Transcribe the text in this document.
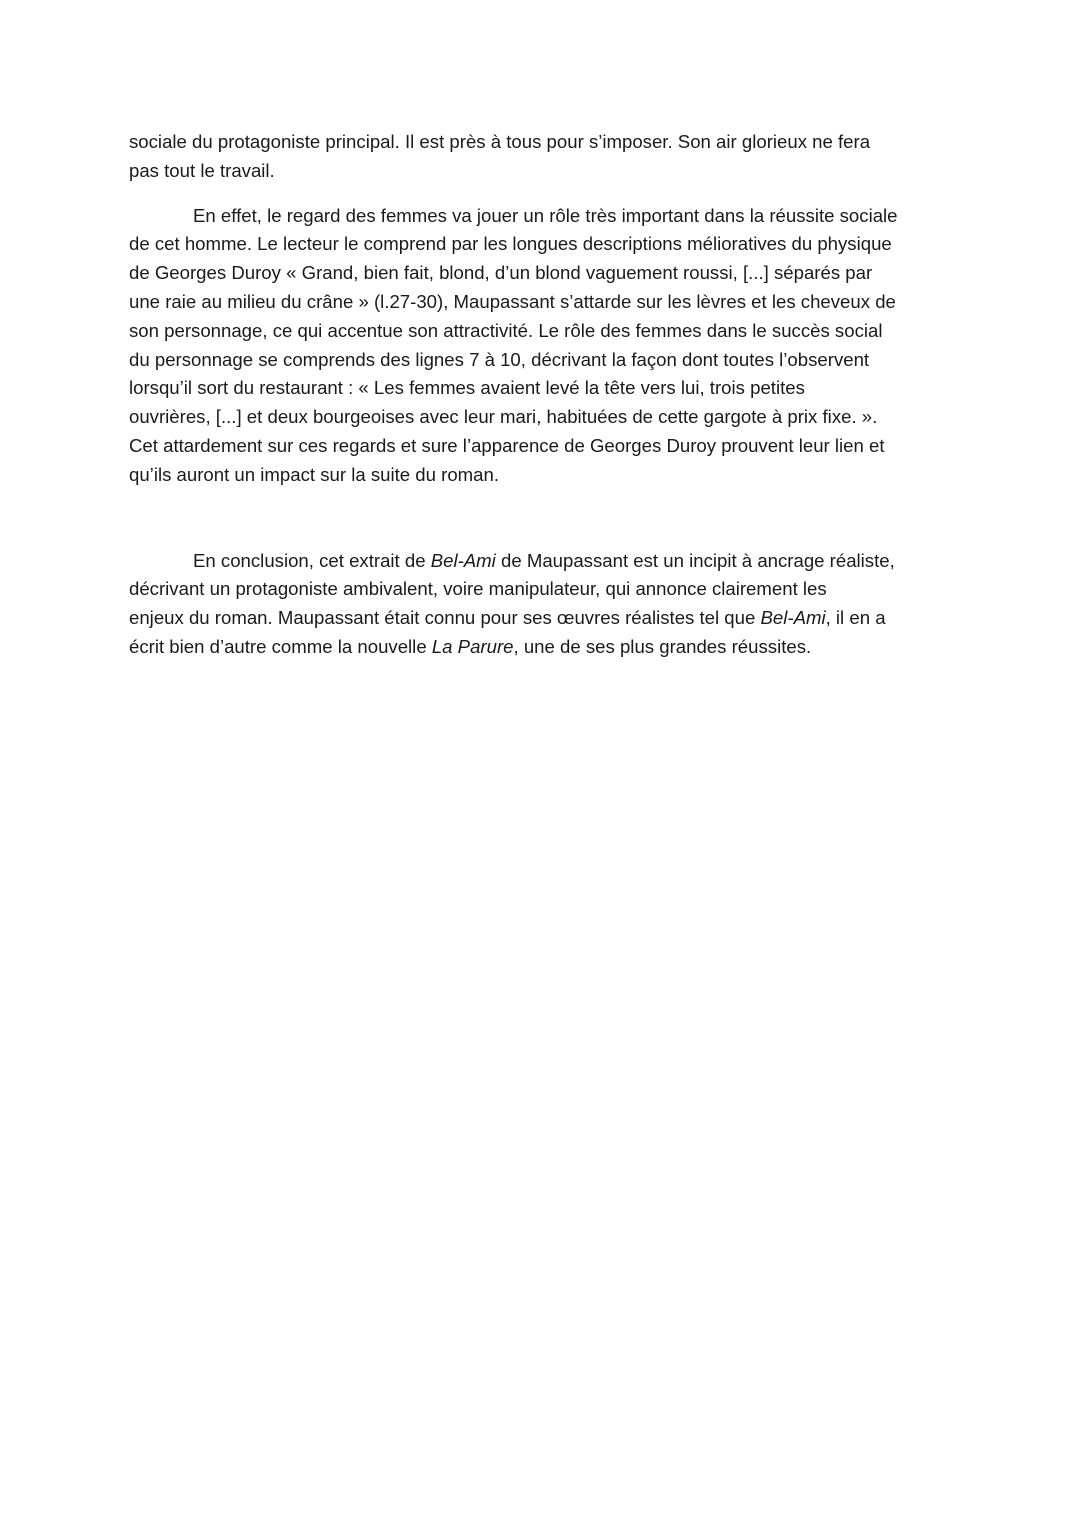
sociale du protagoniste principal. Il est près à tous pour s’imposer. Son air glorieux ne fera
pas tout le travail.

En effet, le regard des femmes va jouer un rôle très important dans la réussite sociale
de cet homme. Le lecteur le comprend par les longues descriptions mélioratives du physique
de Georges Duroy « Grand, bien fait, blond, d’un blond vaguement roussi, [...] séparés par
une raie au milieu du crâne » (l.27-30), Maupassant s’attarde sur les lèvres et les cheveux de
son personnage, ce qui accentue son attractivité. Le rôle des femmes dans le succès social
du personnage se comprends des lignes 7 à 10, décrivant la façon dont toutes l’observent
lorsqu’il sort du restaurant : « Les femmes avaient levé la tête vers lui, trois petites
ouvrières, [...] et deux bourgeoises avec leur mari, habituées de cette gargote à prix fixe. ».
Cet attardement sur ces regards et sure l’apparence de Georges Duroy prouvent leur lien et
qu’ils auront un impact sur la suite du roman.

En conclusion, cet extrait de Bel-Ami de Maupassant est un incipit à ancrage réaliste,
décrivant un protagoniste ambivalent, voire manipulateur, qui annonce clairement les
enjeux du roman. Maupassant était connu pour ses œuvres réalistes tel que Bel-Ami, il en a
écrit bien d’autre comme la nouvelle La Parure, une de ses plus grandes réussites.
